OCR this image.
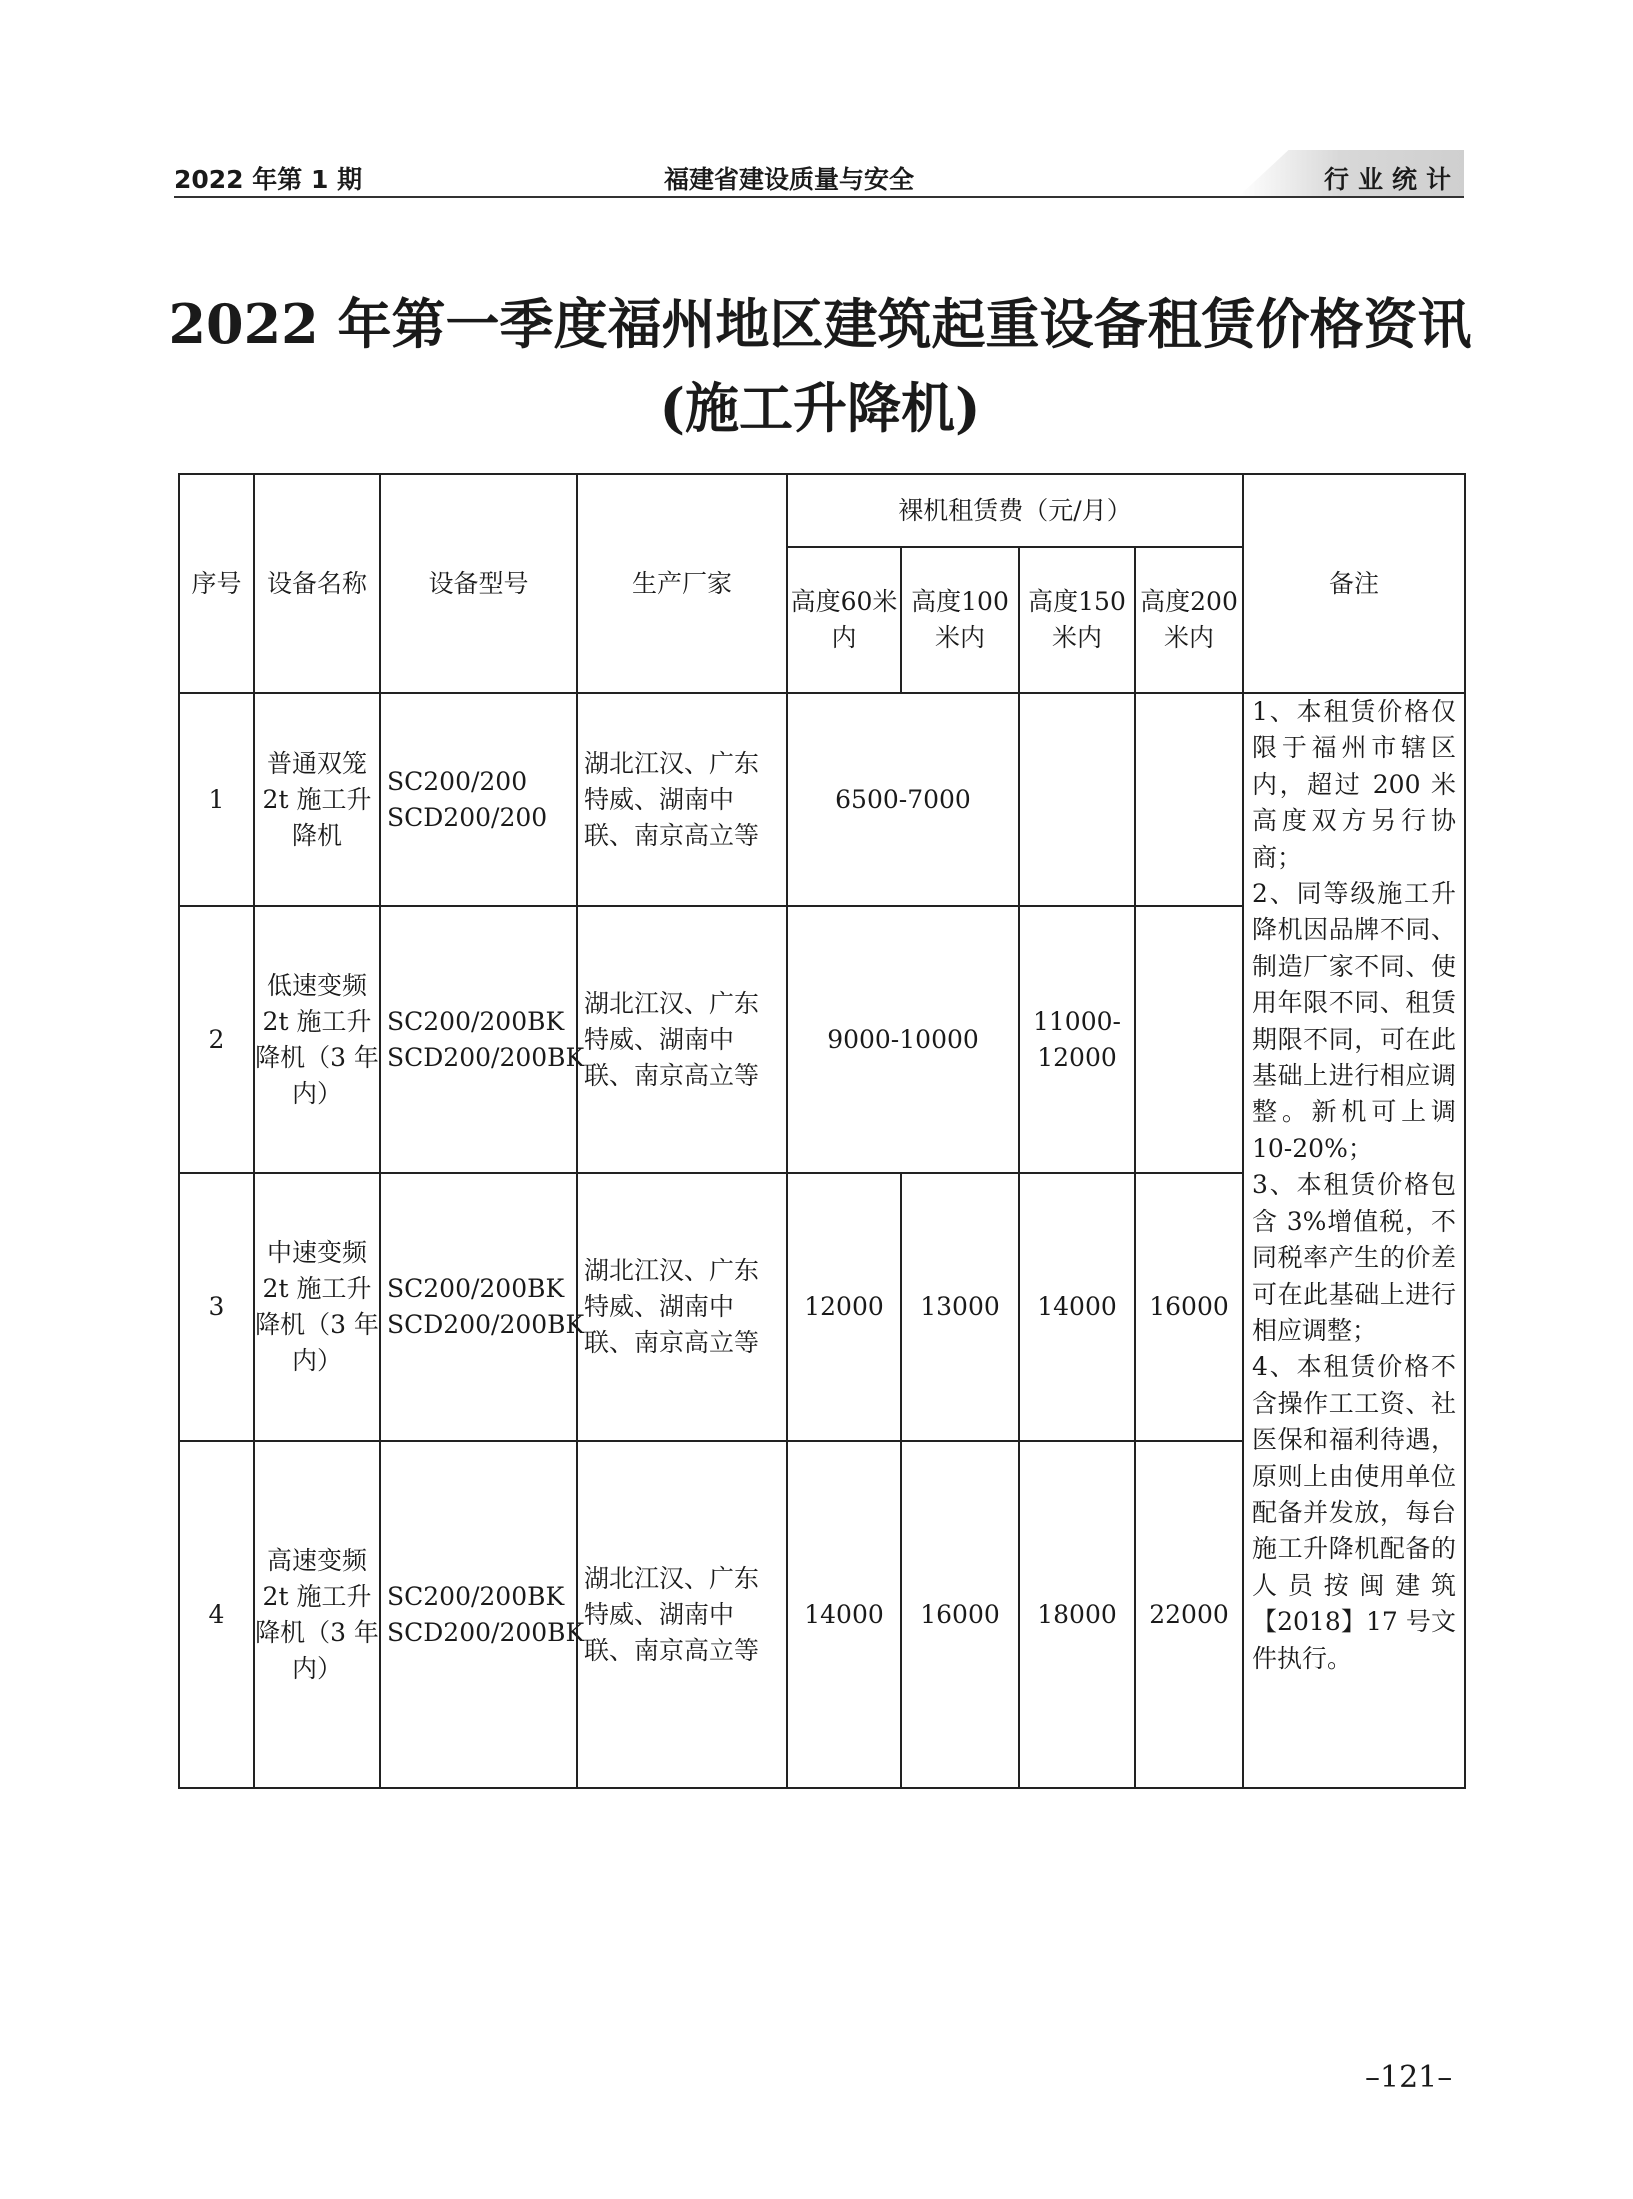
2022 年第 1 期	福建省建设质量与安全	行业统计
2022 年第一季度福州地区建筑起重设备租赁价格资讯
(施工升降机)
序号	设备名称	设备型号	生产厂家	裸机租赁费（元/月）				备注
				高度60米内	高度100米内	高度150米内	高度200米内	
1	普通双笼 2t 施工升降机	SC200/200 SCD200/200	湖北江汉、广东特威、湖南中联、南京高立等	6500-7000				1、本租赁价格仅限于福州市辖区内，超过 200 米高度双方另行协商；
2、同等级施工升降机因品牌不同、制造厂家不同、使用年限不同、租赁期限不同，可在此基础上进行相应调整。新机可上调 10-20%；
3、本租赁价格包含 3%增值税，不同税率产生的价差可在此基础上进行相应调整；
4、本租赁价格不含操作工工资、社医保和福利待遇，原则上由使用单位配备并发放，每台施工升降机配备的人员按闽建筑【2018】17 号文件执行。
2	低速变频 2t 施工升降机（3 年内）	SC200/200BK SCD200/200BK	湖北江汉、广东特威、湖南中联、南京高立等	9000-10000		11000-12000		
3	中速变频 2t 施工升降机（3 年内）	SC200/200BK SCD200/200BK	湖北江汉、广东特威、湖南中联、南京高立等	12000	13000	14000	16000	
4	高速变频 2t 施工升降机（3 年内）	SC200/200BK SCD200/200BK	湖北江汉、广东特威、湖南中联、南京高立等	14000	16000	18000	22000	
–121–
